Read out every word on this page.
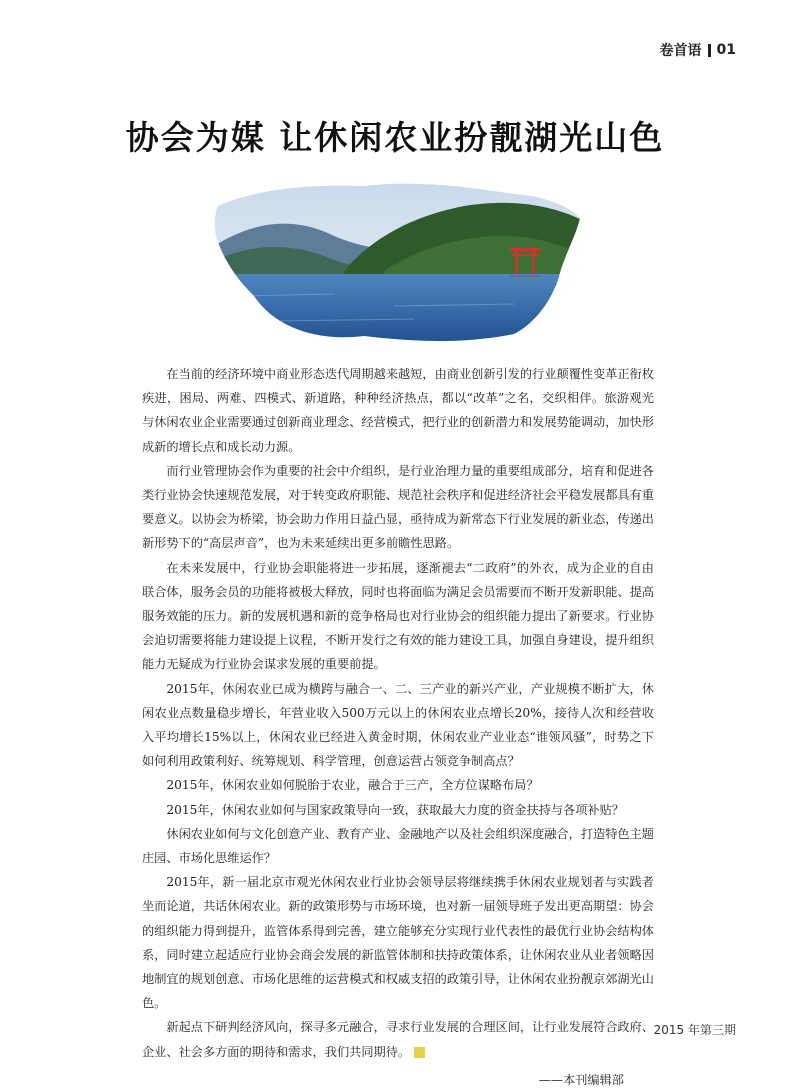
卷首语 01
协会为媒 让休闲农业扮靓湖光山色

在当前的经济环境中商业形态迭代周期越来越短，由商业创新引发的行业颠覆性变革正衔枚疾进，困局、两难、四模式、新道路，种种经济热点，都以“改革”之名，交织相伴。旅游观光与休闲农业企业需要通过创新商业理念、经营模式，把行业的创新潜力和发展势能调动，加快形成新的增长点和成长动力源。

而行业管理协会作为重要的社会中介组织，是行业治理力量的重要组成部分，培育和促进各类行业协会快速规范发展，对于转变政府职能、规范社会秩序和促进经济社会平稳发展都具有重要意义。以协会为桥梁，协会助力作用日益凸显，亟待成为新常态下行业发展的新业态，传递出新形势下的“高层声音”，也为未来延续出更多前瞻性思路。

在未来发展中，行业协会职能将进一步拓展，逐渐褪去“二政府”的外衣，成为企业的自由联合体，服务会员的功能将被极大释放，同时也将面临为满足会员需要而不断开发新职能、提高服务效能的压力。新的发展机遇和新的竞争格局也对行业协会的组织能力提出了新要求。行业协会迫切需要将能力建设提上议程，不断开发行之有效的能力建设工具，加强自身建设，提升组织能力无疑成为行业协会谋求发展的重要前提。

2015年，休闲农业已成为横跨与融合一、二、三产业的新兴产业，产业规模不断扩大，休闲农业点数量稳步增长，年营业收入500万元以上的休闲农业点增长20%，接待人次和经营收入平均增长15%以上，休闲农业已经进入黄金时期，休闲农业产业业态“谁领风骚”，时势之下如何利用政策利好、统筹规划、科学管理，创意运营占领竞争制高点？

2015年，休闲农业如何脱胎于农业，融合于三产，全方位谋略布局？

2015年，休闲农业如何与国家政策导向一致，获取最大力度的资金扶持与各项补贴？

休闲农业如何与文化创意产业、教育产业、金融地产以及社会组织深度融合，打造特色主题庄园、市场化思维运作？

2015年，新一届北京市观光休闲农业行业协会领导层将继续携手休闲农业规划者与实践者坐而论道，共话休闲农业。新的政策形势与市场环境，也对新一届领导班子发出更高期望：协会的组织能力得到提升，监管体系得到完善，建立能够充分实现行业代表性的最优行业协会结构体系，同时建立起适应行业协会商会发展的新监管体制和扶持政策体系，让休闲农业从业者领略因地制宜的规划创意、市场化思维的运营模式和权威支招的政策引导，让休闲农业扮靓京郊湖光山色。

新起点下研判经济风向，探寻多元融合，寻求行业发展的合理区间，让行业发展符合政府、企业、社会多方面的期待和需求，我们共同期待。

——本刊编辑部
2015 年第三期
